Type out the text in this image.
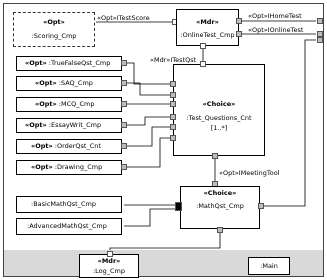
«Opt»
:Scoring_Cmp
«Opt»ITestScore	«Mdr»
:OnlineTest_Cmp
«Opt»IHomeTest
«Opt»IOnlineTest
«Mdr»ITestQst
«Choice»
:Test_Questions_Cnt
[1..*]
«Opt» :TrueFalseQst_Cmp
«Opt» :SAQ_Cmp
«Opt» :MCQ_Cmp
«Opt» :EssayWrit_Cmp
«Opt» :OrderQst_Cnt
«Opt» :Drawing_Cmp
«Opt»IMeetingTool
«Choice»
:MathQst_Cmp
:BasicMathQst_Cmp
:AdvancedMathQst_Cmp
«Mdr»
:Log_Cmp
:Main
